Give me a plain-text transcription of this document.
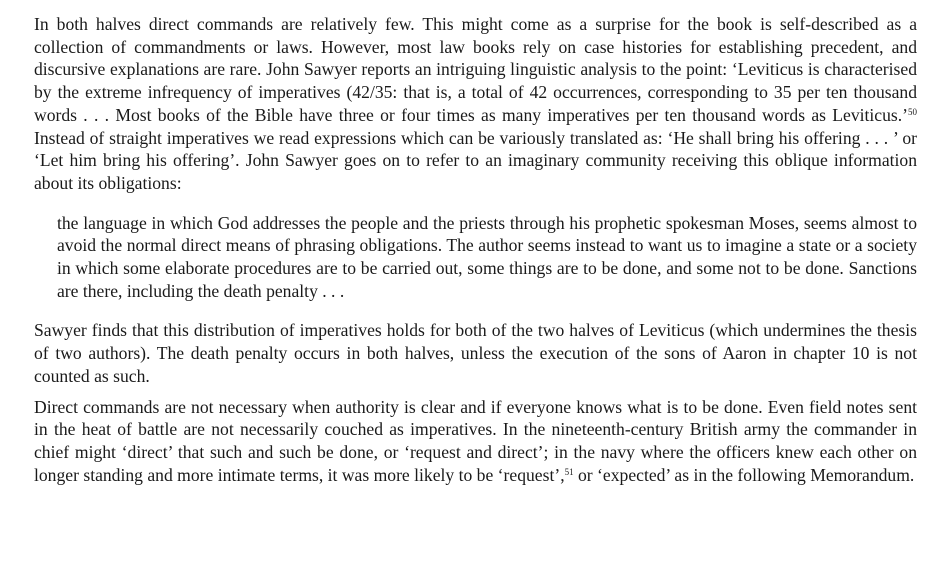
In both halves direct commands are relatively few. This might come as a surprise for the book is self-described as a collection of commandments or laws. However, most law books rely on case histories for establishing precedent, and discursive explanations are rare. John Sawyer reports an intriguing linguistic analysis to the point: ‘Leviticus is characterised by the extreme infrequency of imperatives (42/35: that is, a total of 42 occurrences, corresponding to 35 per ten thousand words . . . Most books of the Bible have three or four times as many imperatives per ten thousand words as Leviticus.’$^{50}$ Instead of straight imperatives we read expressions which can be variously translated as: ‘He shall bring his offering . . . ’ or ‘Let him bring his offering’. John Sawyer goes on to refer to an imaginary community receiving this oblique information about its obligations:

the language in which God addresses the people and the priests through his prophetic spokesman Moses, seems almost to avoid the normal direct means of phrasing obligations. The author seems instead to want us to imagine a state or a society in which some elaborate procedures are to be carried out, some things are to be done, and some not to be done. Sanctions are there, including the death penalty . . .

Sawyer finds that this distribution of imperatives holds for both of the two halves of Leviticus (which undermines the thesis of two authors). The death penalty occurs in both halves, unless the execution of the sons of Aaron in chapter 10 is not counted as such.

Direct commands are not necessary when authority is clear and if everyone knows what is to be done. Even field notes sent in the heat of battle are not necessarily couched as imperatives. In the nineteenth-century British army the commander in chief might ‘direct’ that such and such be done, or ‘request and direct’; in the navy where the officers knew each other on longer standing and more intimate terms, it was more likely to be ‘request’,$^{51}$ or ‘expected’ as in the following Memorandum.
